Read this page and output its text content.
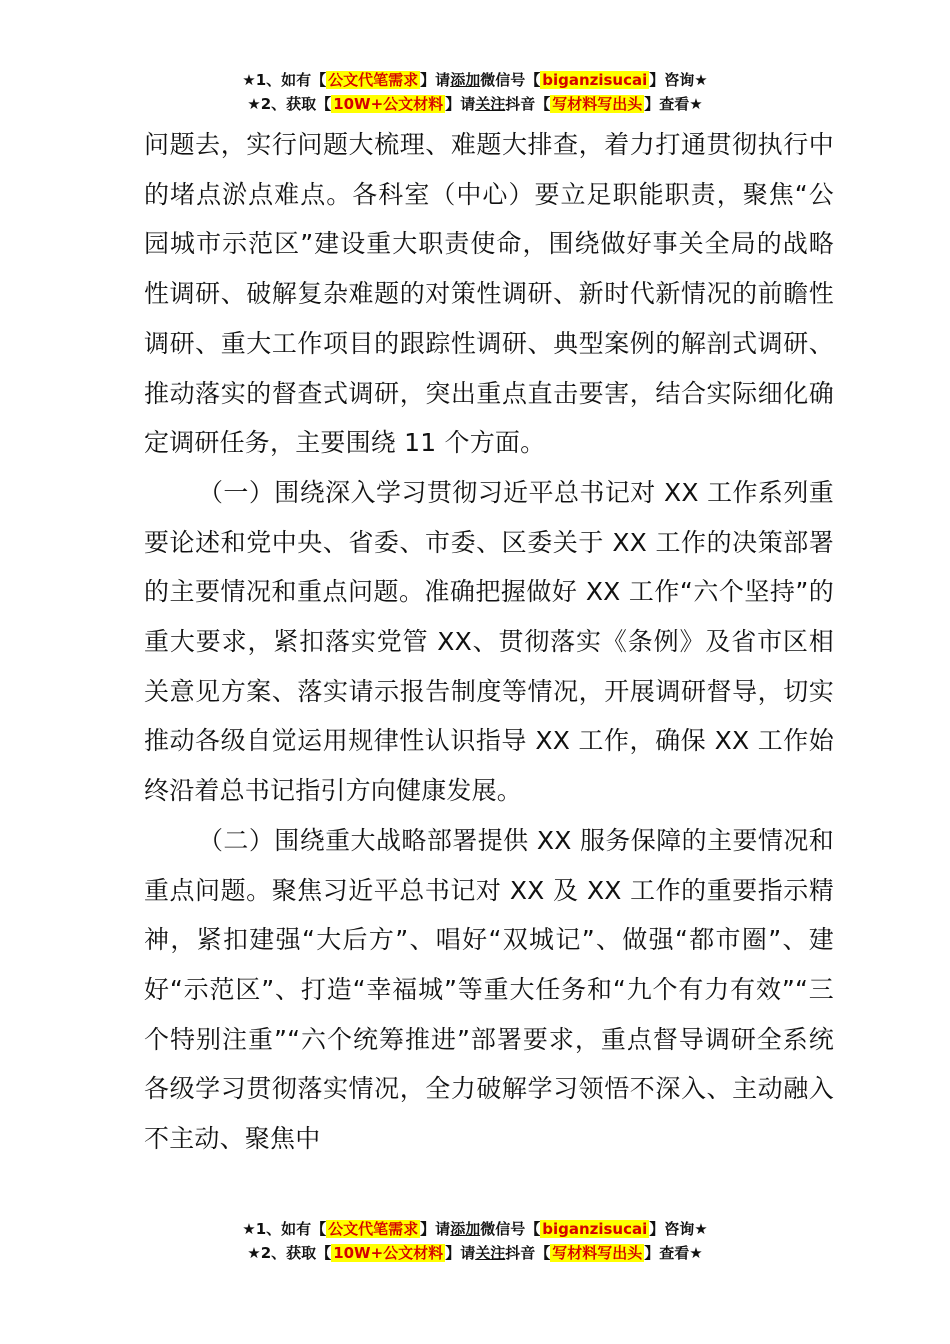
★1、如有【 公文代笔需求 】请添加微信号【 biganzisucai 】咨询★
★2、获取【 10W+公文材料 】请关注抖音【 写材料写出头 】查看★

问题去，实行问题大梳理、难题大排查，着力打通贯彻执行中的堵点淤点难点。各科室（中心）要立足职能职责，聚焦“公园城市示范区”建设重大职责使命，围绕做好事关全局的战略性调研、破解复杂难题的对策性调研、新时代新情况的前瞻性调研、重大工作项目的跟踪性调研、典型案例的解剖式调研、推动落实的督查式调研，突出重点直击要害，结合实际细化确定调研任务，主要围绕 11 个方面。

（一）围绕深入学习贯彻习近平总书记对 XX 工作系列重要论述和党中央、省委、市委、区委关于 XX 工作的决策部署的主要情况和重点问题。准确把握做好 XX 工作“六个坚持”的重大要求，紧扣落实党管 XX、贯彻落实《条例》及省市区相关意见方案、落实请示报告制度等情况，开展调研督导，切实推动各级自觉运用规律性认识指导 XX 工作，确保 XX 工作始终沿着总书记指引方向健康发展。

（二）围绕重大战略部署提供 XX 服务保障的主要情况和重点问题。聚焦习近平总书记对 XX 及 XX 工作的重要指示精神，紧扣建强“大后方”、唱好“双城记”、做强“都市圈”、建好“示范区”、打造“幸福城”等重大任务和“九个有力有效”“三个特别注重”“六个统筹推进”部署要求，重点督导调研全系统各级学习贯彻落实情况，全力破解学习领悟不深入、主动融入不主动、聚焦中

★1、如有【 公文代笔需求 】请添加微信号【 biganzisucai 】咨询★
★2、获取【 10W+公文材料 】请关注抖音【 写材料写出头 】查看★
